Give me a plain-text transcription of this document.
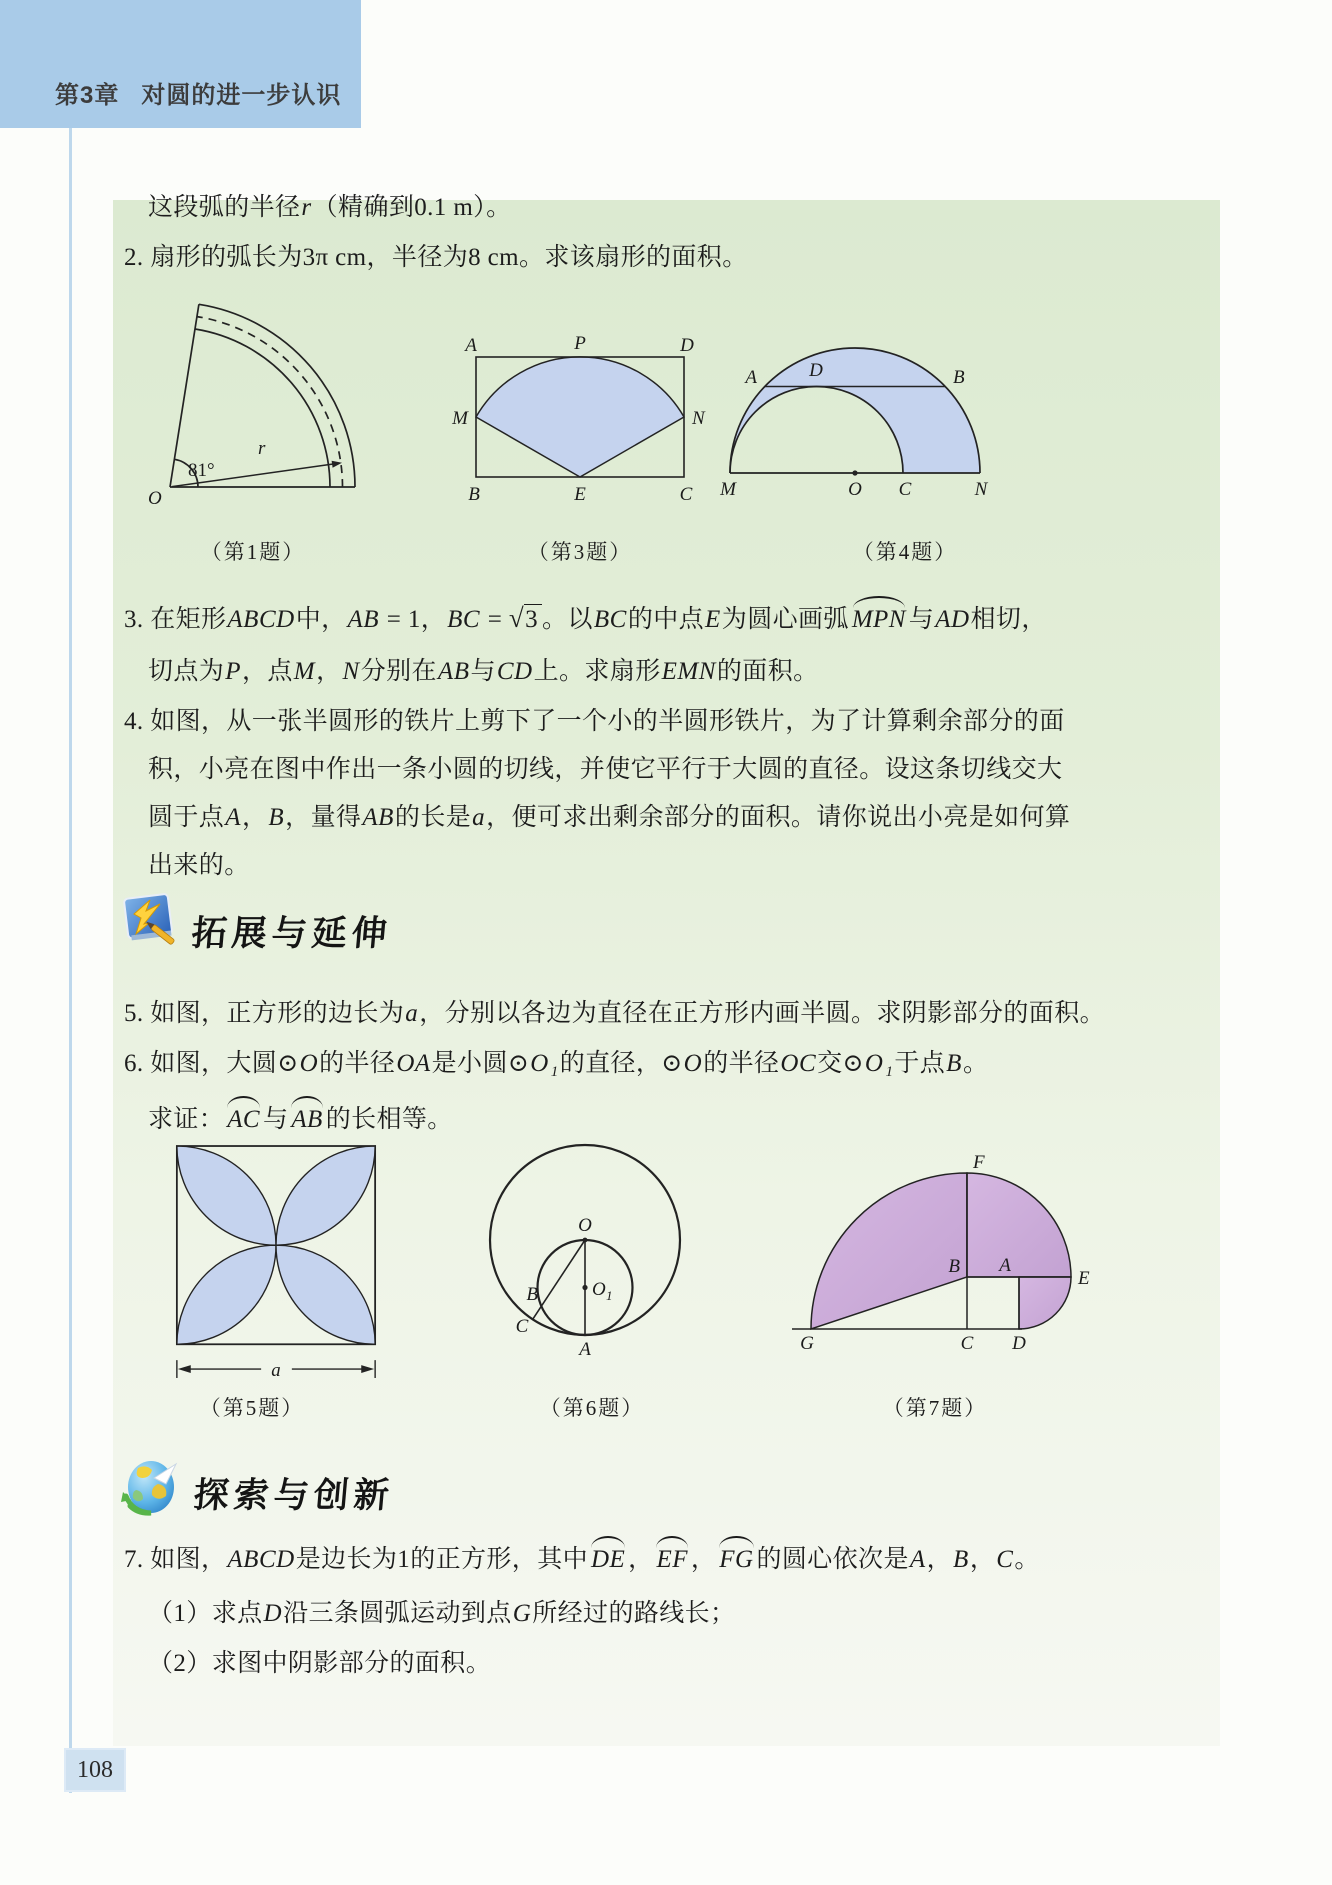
第3章 对圆的进一步认识
这段弧的半径r（精确到0.1 m）。
2. 扇形的弧长为3π cm，半径为8 cm。求该扇形的面积。
81°
r
O
（第1题）
A	P	D
M	N
B	E	C
（第3题）
A	B
D
M	O C	N
（第4题）
3. 在矩形ABCD中，AB = 1，BC = √3 。以BC的中点E为圆心画弧 MPN 与AD相切，
切点为P，点M，N分别在AB与CD上。求扇形EMN的面积。
4. 如图，从一张半圆形的铁片上剪下了一个小的半圆形铁片，为了计算剩余部分的面
积，小亮在图中作出一条小圆的切线，并使它平行于大圆的直径。设这条切线交大
圆于点A，B，量得AB的长是a，便可求出剩余部分的面积。请你说出小亮是如何算
出来的。
拓展与延伸
5. 如图，正方形的边长为a，分别以各边为直径在正方形内画半圆。求阴影部分的面积。
6. 如图，大圆⊙O的半径OA是小圆⊙O 1的直径，⊙O的半径OC交⊙O 1于点B。
求证： AC 与 AB 的长相等。
a
（第5题）
O
O 1
B
C
A
（第6题）
F
B A
E
G	C D
（第7题）
探索与创新
7. 如图，ABCD是边长为1的正方形，其中 DE ， EF ， FG 的圆心依次是A，B，C。
（1）求点D沿三条圆弧运动到点G所经过的路线长；
（2）求图中阴影部分的面积。
108
